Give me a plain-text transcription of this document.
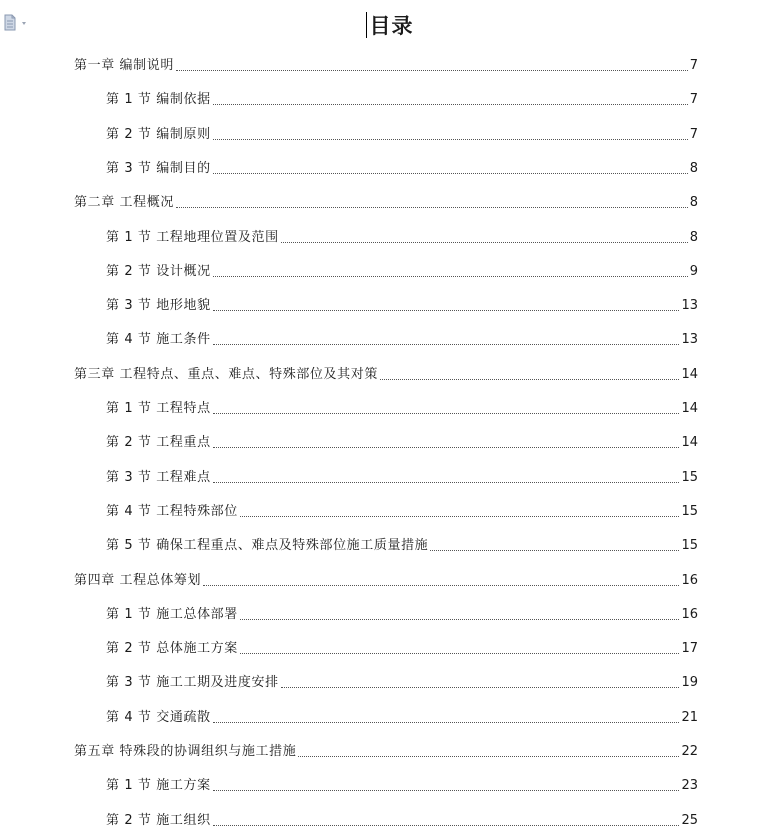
目录
第一章 编制说明	7
第 1 节 编制依据	7
第 2 节 编制原则	7
第 3 节 编制目的	8
第二章 工程概况	8
第 1 节 工程地理位置及范围	8
第 2 节 设计概况	9
第 3 节 地形地貌	13
第 4 节 施工条件	13
第三章 工程特点、重点、难点、特殊部位及其对策	14
第 1 节 工程特点	14
第 2 节 工程重点	14
第 3 节 工程难点	15
第 4 节 工程特殊部位	15
第 5 节 确保工程重点、难点及特殊部位施工质量措施	15
第四章 工程总体筹划	16
第 1 节 施工总体部署	16
第 2 节 总体施工方案	17
第 3 节 施工工期及进度安排	19
第 4 节 交通疏散	21
第五章 特殊段的协调组织与施工措施	22
第 1 节 施工方案	23
第 2 节 施工组织	25
